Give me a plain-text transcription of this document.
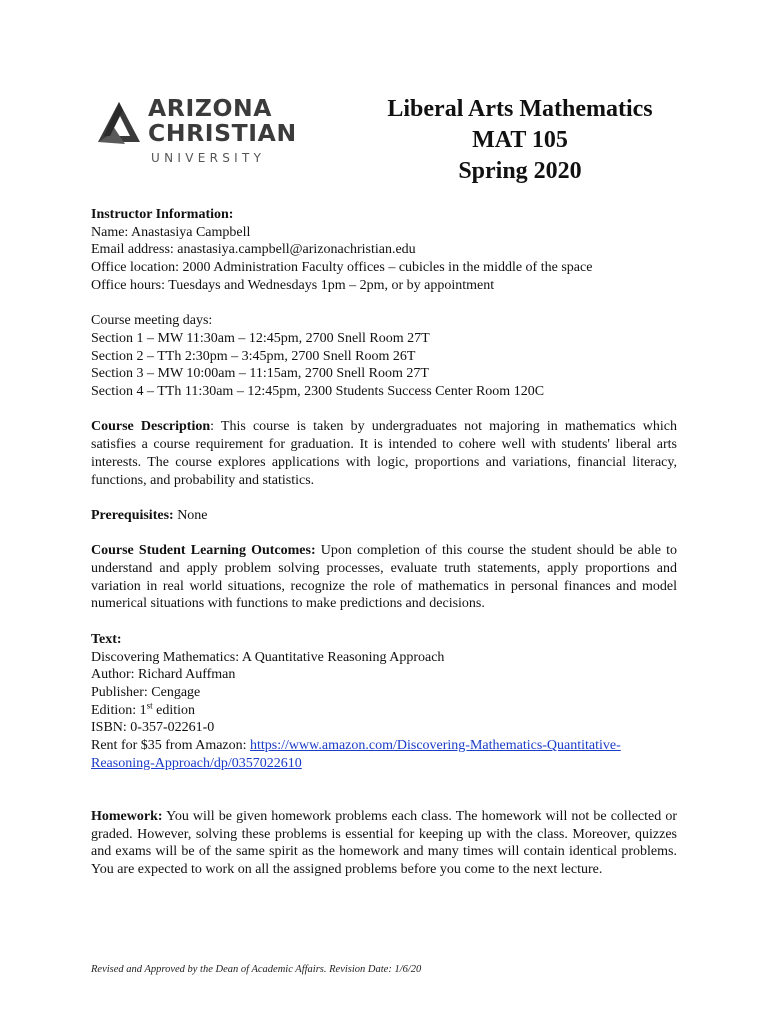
ARIZONA
CHRISTIAN
UNIVERSITY
Liberal Arts Mathematics
MAT 105
Spring 2020
Instructor Information:
Name: Anastasiya Campbell
Email address: anastasiya.campbell@arizonachristian.edu
Office location: 2000 Administration Faculty offices – cubicles in the middle of the space
Office hours: Tuesdays and Wednesdays 1pm – 2pm, or by appointment
Course meeting days:
Section 1 – MW 11:30am – 12:45pm, 2700 Snell Room 27T
Section 2 – TTh 2:30pm – 3:45pm, 2700 Snell Room 26T
Section 3 – MW 10:00am – 11:15am, 2700 Snell Room 27T
Section 4 – TTh 11:30am – 12:45pm, 2300 Students Success Center Room 120C
Course Description: This course is taken by undergraduates not majoring in mathematics which satisfies a course requirement for graduation. It is intended to cohere well with students' liberal arts interests. The course explores applications with logic, proportions and variations, financial literacy, functions, and probability and statistics.
Prerequisites: None
Course Student Learning Outcomes: Upon completion of this course the student should be able to understand and apply problem solving processes, evaluate truth statements, apply proportions and variation in real world situations, recognize the role of mathematics in personal finances and model numerical situations with functions to make predictions and decisions.
Text:
Discovering Mathematics: A Quantitative Reasoning Approach
Author: Richard Auffman
Publisher: Cengage
Edition: 1st edition
ISBN: 0-357-02261-0
Rent for $35 from Amazon: https://www.amazon.com/Discovering-Mathematics-Quantitative-
Reasoning-Approach/dp/0357022610
Homework: You will be given homework problems each class. The homework will not be collected or graded. However, solving these problems is essential for keeping up with the class. Moreover, quizzes and exams will be of the same spirit as the homework and many times will contain identical problems. You are expected to work on all the assigned problems before you come to the next lecture.
Revised and Approved by the Dean of Academic Affairs. Revision Date: 1/6/20
